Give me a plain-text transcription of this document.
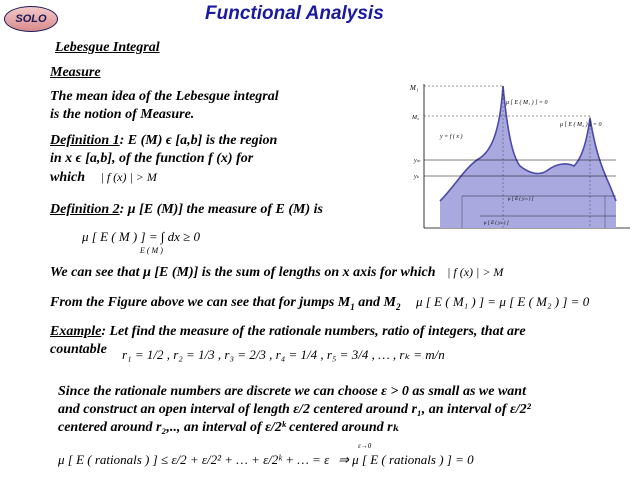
SOLO	Functional Analysis
Lebesgue Integral
Measure
The mean idea of the Lebesgue integral
is the notion of Measure.
Definition 1: E (M) ϵ [a,b] is the region
in x ϵ [a,b], of the function f (x) for
which | f (x) | > M
Definition 2: μ [E (M)] the measure of E (M) is
μ [ E ( M ) ] = ∫ dx ≥ 0
E ( M )
M₁
M₂
yₘ
yₖ
y = f ( x )
μ [ E ( M₁ ) ] = 0
μ [ E ( M₂ ) ] = 0
μ [ E ( yₘ ) ]
μ [ E ( yₖ ) ]
We can see that μ [E (M)] is the sum of lengths on x axis for which | f (x) | > M
From the Figure above we can see that for jumps $M_1$ and $M_2$ μ [ E ( M₁ ) ] = μ [ E ( M₂ ) ] = 0
Example: Let find the measure of the rationale numbers, ratio of integers, that are
countable	r₁ = 1/2 , r₂ = 1/3 , r₃ = 2/3 , r₄ = 1/4 , r₅ = 3/4 , … , rₖ = m/n
Since the rationale numbers are discrete we can choose ε > 0 as small as we want
and construct an open interval of length ε/2 centered around r₁, an interval of ε/2²
centered around r₂,.., an interval of ε/2ᵏ centered around rₖ
μ [ E ( rationals ) ] ≤ ε/2 + ε/2² + … + ε/2ᵏ + … = ε
ε→0
⇒ μ [ E ( rationals ) ] = 0
